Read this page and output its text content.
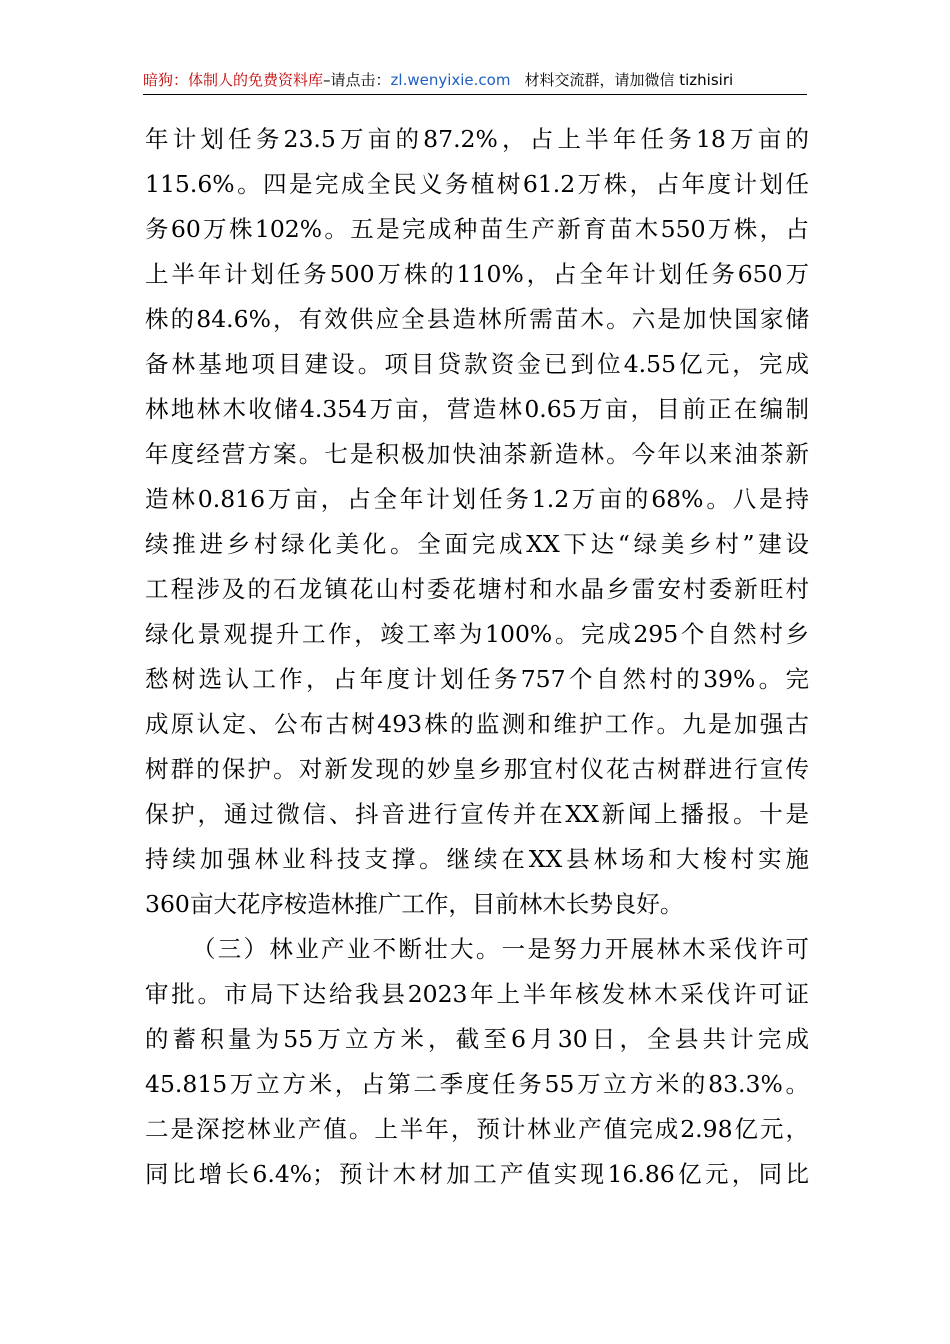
暗狗：体制人的免费资料库–请点击：zl.wenyixie.com 材料交流群，请加微信 tizhisiri
年计划任务23.5万亩的87.2%，占上半年任务18万亩的
115.6%。四是完成全民义务植树61.2万株，占年度计划任
务60万株102%。五是完成种苗生产新育苗木550万株，占
上半年计划任务500万株的110%，占全年计划任务650万
株的84.6%，有效供应全县造林所需苗木。六是加快国家储
备林基地项目建设。项目贷款资金已到位4.55亿元，完成
林地林木收储4.354万亩，营造林0.65万亩，目前正在编制
年度经营方案。七是积极加快油茶新造林。今年以来油茶新
造林0.816万亩，占全年计划任务1.2万亩的68%。八是持
续推进乡村绿化美化。全面完成XX下达“绿美乡村”建设
工程涉及的石龙镇花山村委花塘村和水晶乡雷安村委新旺村
绿化景观提升工作，竣工率为100%。完成295个自然村乡
愁树选认工作，占年度计划任务757个自然村的39%。完
成原认定、公布古树493株的监测和维护工作。九是加强古
树群的保护。对新发现的妙皇乡那宜村仪花古树群进行宣传
保护，通过微信、抖音进行宣传并在XX新闻上播报。十是
持续加强林业科技支撑。继续在XX县林场和大梭村实施
360亩大花序桉造林推广工作，目前林木长势良好。
（三）林业产业不断壮大。一是努力开展林木采伐许可
审批。市局下达给我县2023年上半年核发林木采伐许可证
的蓄积量为55万立方米，截至6月30日，全县共计完成
45.815万立方米，占第二季度任务55万立方米的83.3%。
二是深挖林业产值。上半年，预计林业产值完成2.98亿元，
同比增长6.4%；预计木材加工产值实现16.86亿元，同比
